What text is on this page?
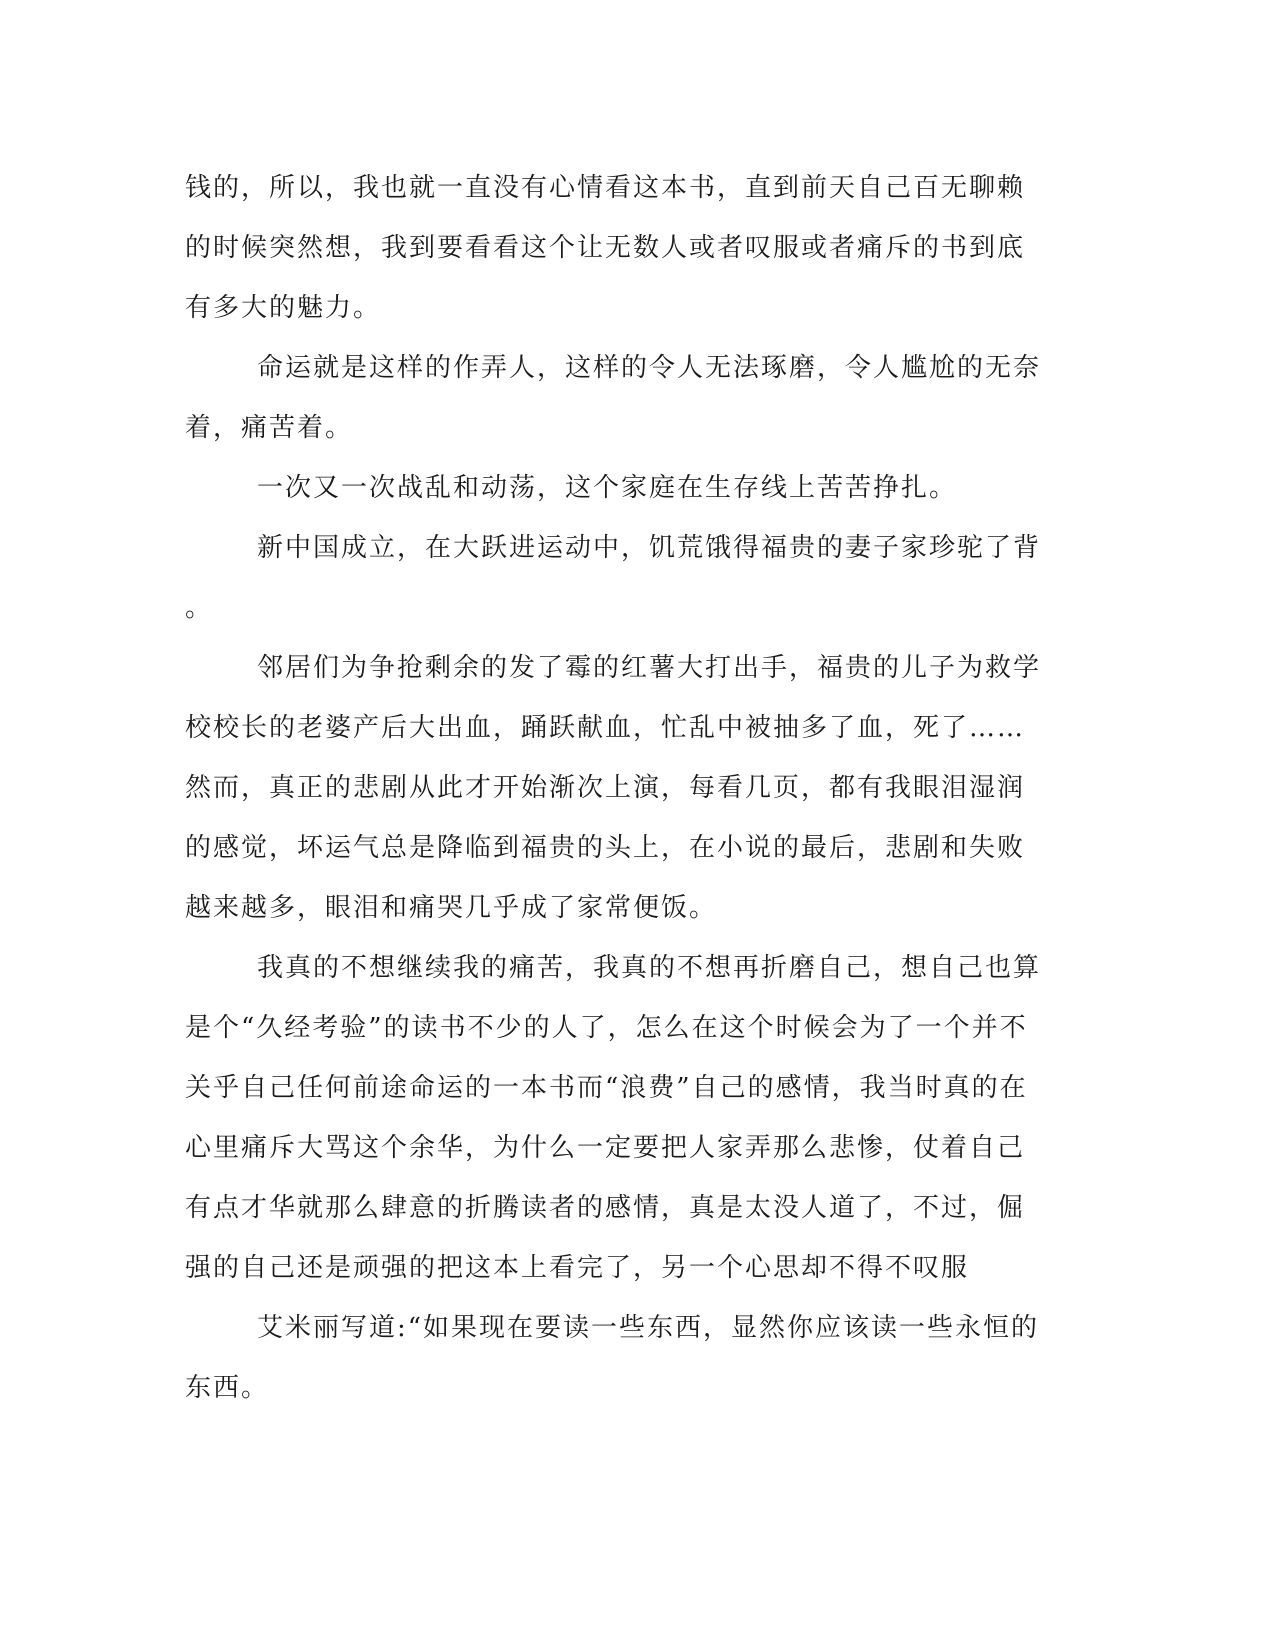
钱的，所以，我也就一直没有心情看这本书，直到前天自己百无聊赖
的时候突然想，我到要看看这个让无数人或者叹服或者痛斥的书到底
有多大的魅力。
命运就是这样的作弄人，这样的令人无法琢磨，令人尴尬的无奈
着，痛苦着。
一次又一次战乱和动荡，这个家庭在生存线上苦苦挣扎。
新中国成立，在大跃进运动中，饥荒饿得福贵的妻子家珍驼了背
。
邻居们为争抢剩余的发了霉的红薯大打出手，福贵的儿子为救学
校校长的老婆产后大出血，踊跃献血，忙乱中被抽多了血，死了……
然而，真正的悲剧从此才开始渐次上演，每看几页，都有我眼泪湿润
的感觉，坏运气总是降临到福贵的头上，在小说的最后，悲剧和失败
越来越多，眼泪和痛哭几乎成了家常便饭。
我真的不想继续我的痛苦，我真的不想再折磨自己，想自己也算
是个“久经考验”的读书不少的人了，怎么在这个时候会为了一个并不
关乎自己任何前途命运的一本书而“浪费”自己的感情，我当时真的在
心里痛斥大骂这个余华，为什么一定要把人家弄那么悲惨，仗着自己
有点才华就那么肆意的折腾读者的感情，真是太没人道了，不过，倔
强的自己还是顽强的把这本上看完了，另一个心思却不得不叹服
艾米丽写道:“如果现在要读一些东西，显然你应该读一些永恒的
东西。
